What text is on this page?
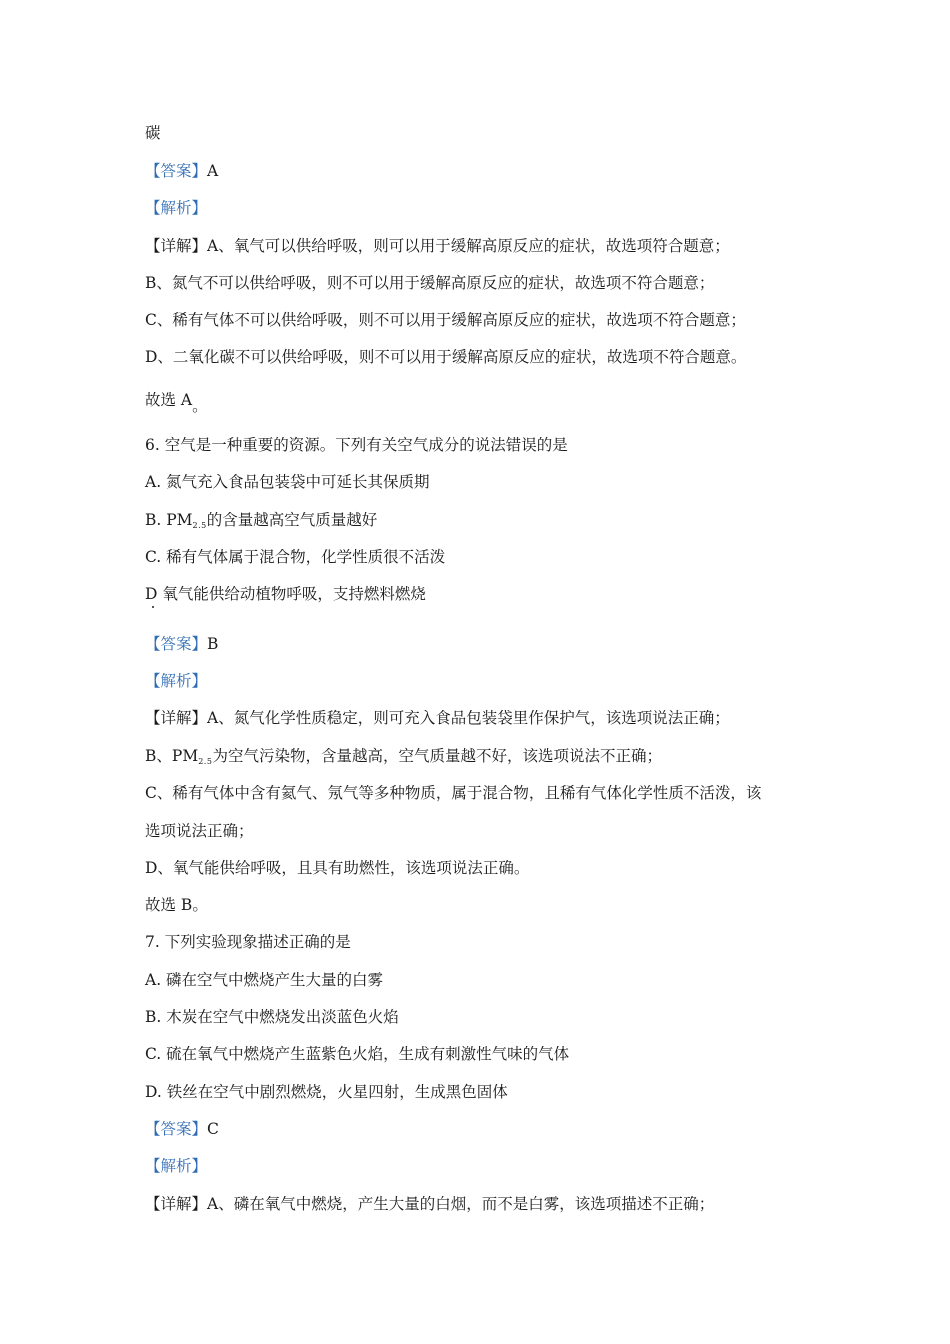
碳
【答案】A
【解析】
【详解】A、氧气可以供给呼吸，则可以用于缓解高原反应的症状，故选项符合题意；
B、氮气不可以供给呼吸，则不可以用于缓解高原反应的症状，故选项不符合题意；
C、稀有气体不可以供给呼吸，则不可以用于缓解高原反应的症状，故选项不符合题意；
D、二氧化碳不可以供给呼吸，则不可以用于缓解高原反应的症状，故选项不符合题意。
故选 A。
6. 空气是一种重要的资源。下列有关空气成分的说法错误的是
A. 氮气充入食品包装袋中可延长其保质期
B. $PM_{2.5}$的含量越高空气质量越好
C. 稀有气体属于混合物，化学性质很不活泼
D 氧气能供给动植物呼吸，支持燃料燃烧
【答案】B
【解析】
【详解】A、氮气化学性质稳定，则可充入食品包装袋里作保护气，该选项说法正确；
B、$PM_{2.5}$为空气污染物，含量越高，空气质量越不好，该选项说法不正确；
C、稀有气体中含有氦气、氖气等多种物质，属于混合物，且稀有气体化学性质不活泼，该
选项说法正确；
D、氧气能供给呼吸，且具有助燃性，该选项说法正确。
故选 B。
7. 下列实验现象描述正确的是
A. 磷在空气中燃烧产生大量的白雾
B. 木炭在空气中燃烧发出淡蓝色火焰
C. 硫在氧气中燃烧产生蓝紫色火焰，生成有刺激性气味的气体
D. 铁丝在空气中剧烈燃烧，火星四射，生成黑色固体
【答案】C
【解析】
【详解】A、磷在氧气中燃烧，产生大量的白烟，而不是白雾，该选项描述不正确；
